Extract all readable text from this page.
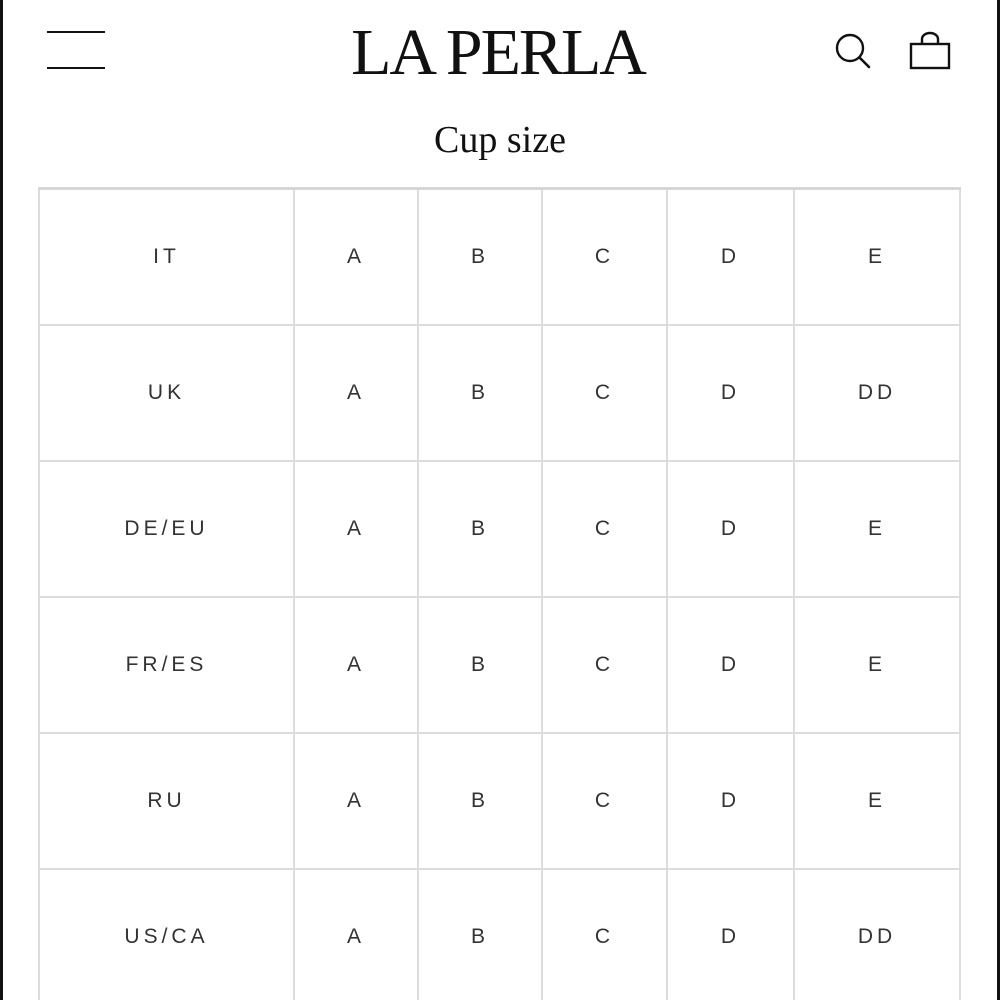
LA PERLA
Cup size
IT	A	B	C	D	E
UK	A	B	C	D	DD
DE/EU	A	B	C	D	E
FR/ES	A	B	C	D	E
RU	A	B	C	D	E
US/CA	A	B	C	D	DD
